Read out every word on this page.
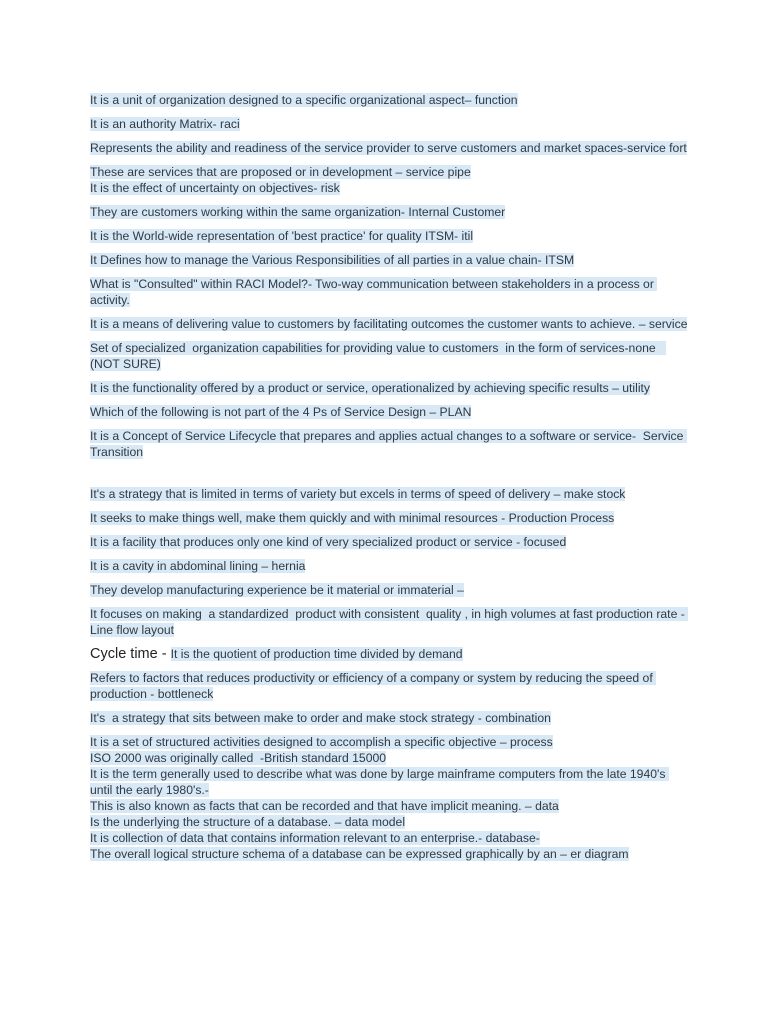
It is a unit of organization designed to a specific organizational aspect– function

It is an authority Matrix- raci

Represents the ability and readiness of the service provider to serve customers and market spaces-service fort

These are services that are proposed or in development – service pipe

It is the effect of uncertainty on objectives- risk

They are customers working within the same organization- Internal Customer

It is the World-wide representation of 'best practice' for quality ITSM- itil

It Defines how to manage the Various Responsibilities of all parties in a value chain- ITSM

What is "Consulted" within RACI Model?- Two-way communication between stakeholders in a process or activity.

It is a means of delivering value to customers by facilitating outcomes the customer wants to achieve. – service

Set of specialized  organization capabilities for providing value to customers  in the form of services-none   (NOT SURE)

It is the functionality offered by a product or service, operationalized by achieving specific results – utility

Which of the following is not part of the 4 Ps of Service Design – PLAN

It is a Concept of Service Lifecycle that prepares and applies actual changes to a software or service-  Service Transition

It's a strategy that is limited in terms of variety but excels in terms of speed of delivery – make stock

It seeks to make things well, make them quickly and with minimal resources - Production Process

It is a facility that produces only one kind of very specialized product or service - focused

It is a cavity in abdominal lining – hernia

They develop manufacturing experience be it material or immaterial –

It focuses on making  a standardized  product with consistent  quality , in high volumes at fast production rate - Line flow layout

Cycle time - It is the quotient of production time divided by demand

Refers to factors that reduces productivity or efficiency of a company or system by reducing the speed of production - bottleneck

It's  a strategy that sits between make to order and make stock strategy - combination

It is a set of structured activities designed to accomplish a specific objective – process

ISO 2000 was originally called  -British standard 15000

It is the term generally used to describe what was done by large mainframe computers from the late 1940's until the early 1980's.-

This is also known as facts that can be recorded and that have implicit meaning. – data

Is the underlying the structure of a database. – data model

It is collection of data that contains information relevant to an enterprise.- database-

The overall logical structure schema of a database can be expressed graphically by an – er diagram
